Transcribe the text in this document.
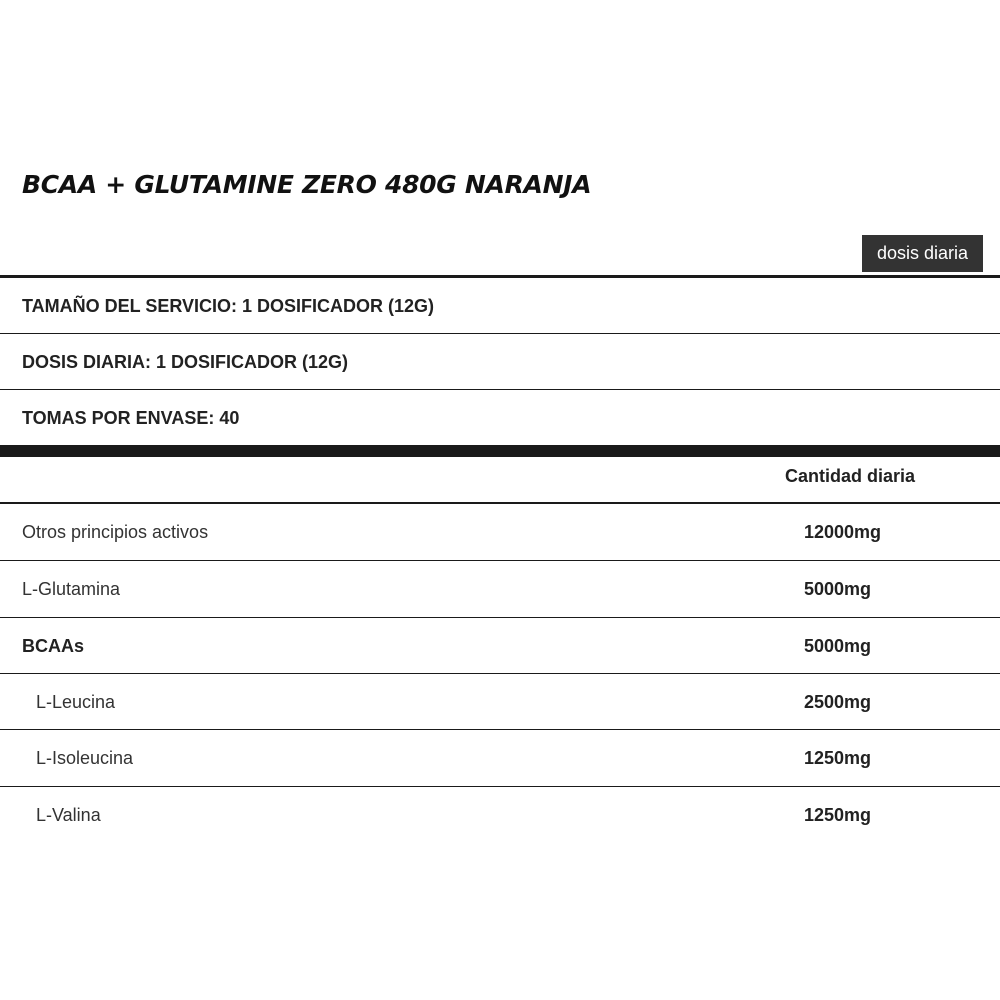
BCAA + GLUTAMINE ZERO 480G NARANJA
dosis diaria
TAMAÑO DEL SERVICIO: 1 DOSIFICADOR (12G)
DOSIS DIARIA: 1 DOSIFICADOR (12G)
TOMAS POR ENVASE: 40
Cantidad diaria
Otros principios activos	12000mg
L-Glutamina	5000mg
BCAAs	5000mg
L-Leucina	2500mg
L-Isoleucina	1250mg
L-Valina	1250mg
